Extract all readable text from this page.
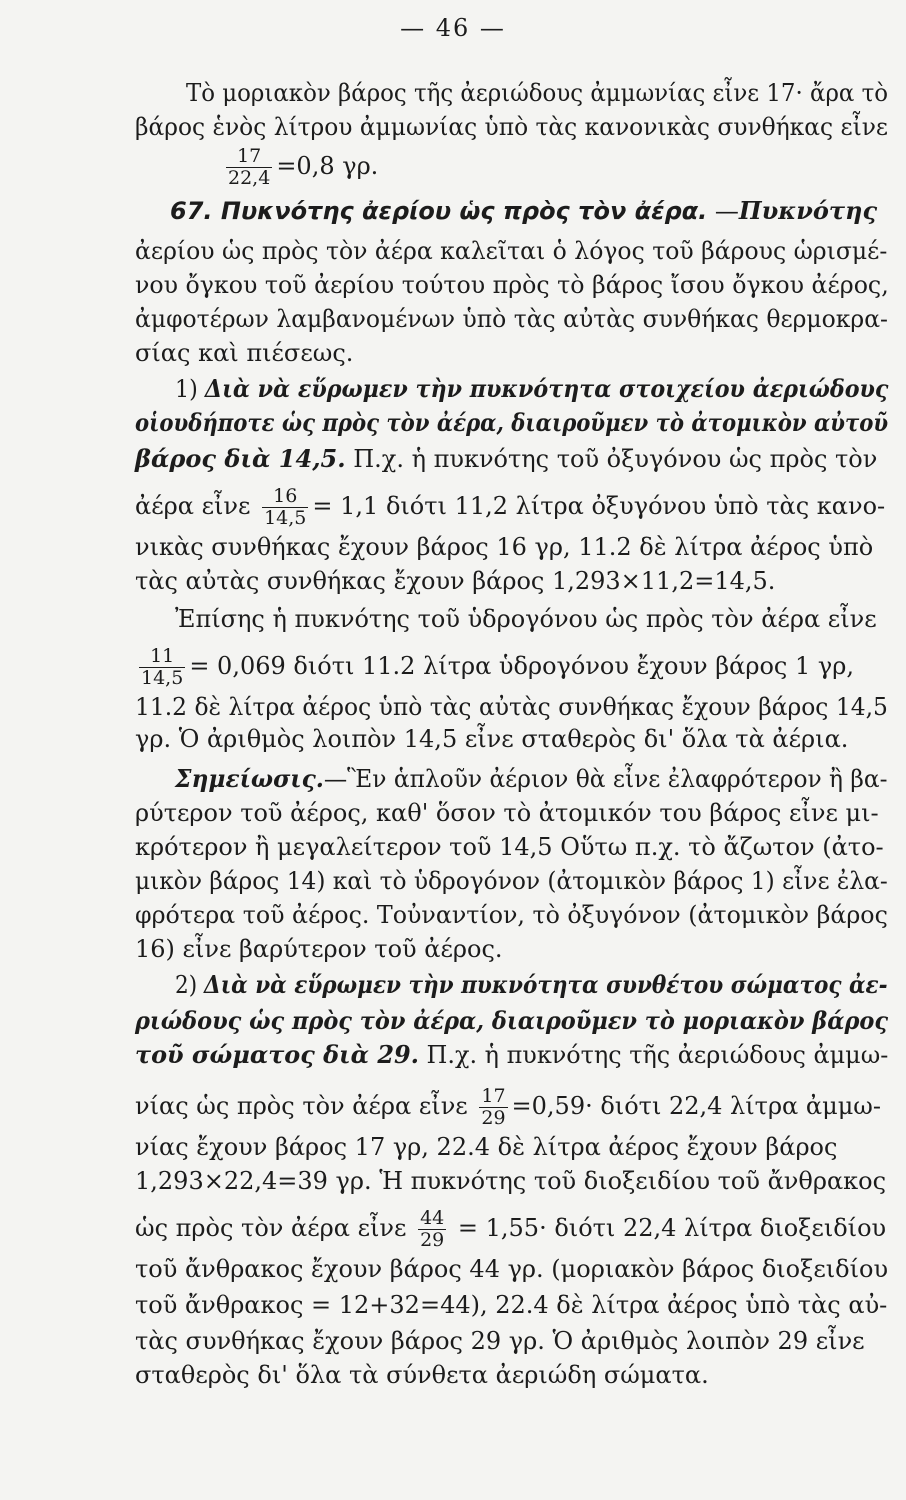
— 46 —
Τὸ μοριακὸν βάρος τῆς ἀεριώδους ἀμμωνίας εἶνε 17· ἄρα τὸ
βάρος ἑνὸς λίτρου ἀμμωνίας ὑπὸ τὰς κανονικὰς συνθήκας εἶνε
$\frac{17}{22,4} =0,8$ γρ.
67. Πυκνότης ἀερίου ὡς πρὸς τὸν ἀέρα. —Πυκνότης
ἀερίου ὡς πρὸς τὸν ἀέρα καλεῖται ὁ λόγος τοῦ βάρους ὡρισμέ-
νου ὄγκου τοῦ ἀερίου τούτου πρὸς τὸ βάρος ἴσου ὄγκου ἀέρος,
ἀμφοτέρων λαμβανομένων ὑπὸ τὰς αὐτὰς συνθήκας θερμοκρα-
σίας καὶ πιέσεως.
1) Διὰ νὰ εὕρωμεν τὴν πυκνότητα στοιχείου ἀεριώδους
οἱουδήποτε ὡς πρὸς τὸν ἀέρα, διαιροῦμεν τὸ ἀτομικὸν αὐτοῦ
βάρος διὰ 14,5. Π.χ. ἡ πυκνότης τοῦ ὀξυγόνου ὡς πρὸς τὸν
ἀέρα εἶνε $\frac{16}{14,5} = 1,1$ διότι 11,2 λίτρα ὀξυγόνου ὑπὸ τὰς κανο-
νικὰς συνθήκας ἔχουν βάρος 16 γρ, 11.2 δὲ λίτρα ἀέρος ὑπὸ
τὰς αὐτὰς συνθήκας ἔχουν βάρος 1,293×11,2=14,5.
Ἐπίσης ἡ πυκνότης τοῦ ὑδρογόνου ὡς πρὸς τὸν ἀέρα εἶνε
$\frac{11}{14,5} = 0,069$ διότι 11.2 λίτρα ὑδρογόνου ἔχουν βάρος 1 γρ,
11.2 δὲ λίτρα ἀέρος ὑπὸ τὰς αὐτὰς συνθήκας ἔχουν βάρος 14,5
γρ. Ὁ ἀριθμὸς λοιπὸν 14,5 εἶνε σταθερὸς δι' ὅλα τὰ ἀέρια.
Σημείωσις.—Ἓν ἁπλοῦν ἀέριον θὰ εἶνε ἐλαφρότερον ἢ βα-
ρύτερον τοῦ ἀέρος, καθ' ὅσον τὸ ἀτομικόν του βάρος εἶνε μι-
κρότερον ἢ μεγαλείτερον τοῦ 14,5 Οὕτω π.χ. τὸ ἄζωτον (ἀτο-
μικὸν βάρος 14) καὶ τὸ ὑδρογόνον (ἀτομικὸν βάρος 1) εἶνε ἐλα-
φρότερα τοῦ ἀέρος. Τοὐναντίον, τὸ ὀξυγόνον (ἀτομικὸν βάρος
16) εἶνε βαρύτερον τοῦ ἀέρος.
2) Διὰ νὰ εὕρωμεν τὴν πυκνότητα συνθέτου σώματος ἀε-
ριώδους ὡς πρὸς τὸν ἀέρα, διαιροῦμεν τὸ μοριακὸν βάρος
τοῦ σώματος διὰ 29. Π.χ. ἡ πυκνότης τῆς ἀεριώδους ἀμμω-
νίας ὡς πρὸς τὸν ἀέρα εἶνε $\frac{17}{29} =0,59\cdot \delta\iota ό\tau\iota$ 22,4 λίτρα ἀμμω-
νίας ἔχουν βάρος 17 γρ, 22.4 δὲ λίτρα ἀέρος ἔχουν βάρος
1,293×22,4=39 γρ. Ἡ πυκνότης τοῦ διοξειδίου τοῦ ἄνθρακος
ὡς πρὸς τὸν ἀέρα εἶνε $\frac{44}{29} = 1,55\cdot \delta\iota ό\tau\iota$ 22,4 λίτρα διοξειδίου
τοῦ ἄνθρακος ἔχουν βάρος 44 γρ. (μοριακὸν βάρος διοξειδίου
τοῦ ἄνθρακος = 12+32=44), 22.4 δὲ λίτρα ἀέρος ὑπὸ τὰς αὐ-
τὰς συνθήκας ἔχουν βάρος 29 γρ. Ὁ ἀριθμὸς λοιπὸν 29 εἶνε
σταθερὸς δι' ὅλα τὰ σύνθετα ἀεριώδη σώματα.
